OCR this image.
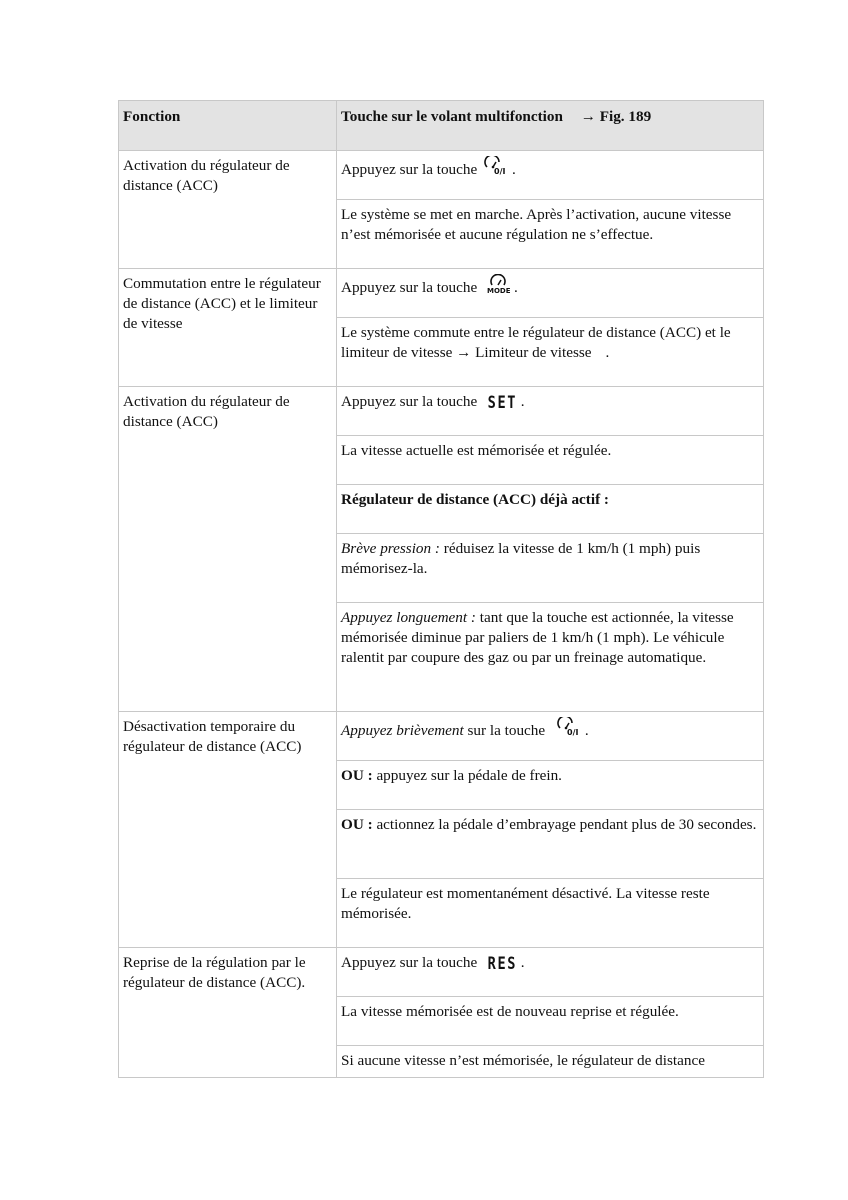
Fonction	Touche sur le volant multifonction → Fig. 189
Activation du régulateur de distance (ACC)	Appuyez sur la touche 0/I .
	Le système se met en marche. Après l’activation, aucune vitesse n’est mémorisée et aucune régulation ne s’effectue.
Commutation entre le régulateur de distance (ACC) et le limiteur de vitesse	Appuyez sur la touche MODE .
	Le système commute entre le régulateur de distance (ACC) et le limiteur de vitesse → Limiteur de vitesse .
Activation du régulateur de distance (ACC)	Appuyez sur la touche SET .
	La vitesse actuelle est mémorisée et régulée.
	Régulateur de distance (ACC) déjà actif :
	Brève pression : réduisez la vitesse de 1 km/h (1 mph) puis mémorisez-la.
	Appuyez longuement : tant que la touche est actionnée, la vitesse mémorisée diminue par paliers de 1 km/h (1 mph). Le véhicule ralentit par coupure des gaz ou par un freinage automatique.
Désactivation temporaire du régulateur de distance (ACC)	Appuyez brièvement sur la touche 0/I .
	OU : appuyez sur la pédale de frein.
	OU : actionnez la pédale d’embrayage pendant plus de 30 secondes.
	Le régulateur est momentanément désactivé. La vitesse reste mémorisée.
Reprise de la régulation par le régulateur de distance (ACC).	Appuyez sur la touche RES .
	La vitesse mémorisée est de nouveau reprise et régulée.
	Si aucune vitesse n’est mémorisée, le régulateur de distance
